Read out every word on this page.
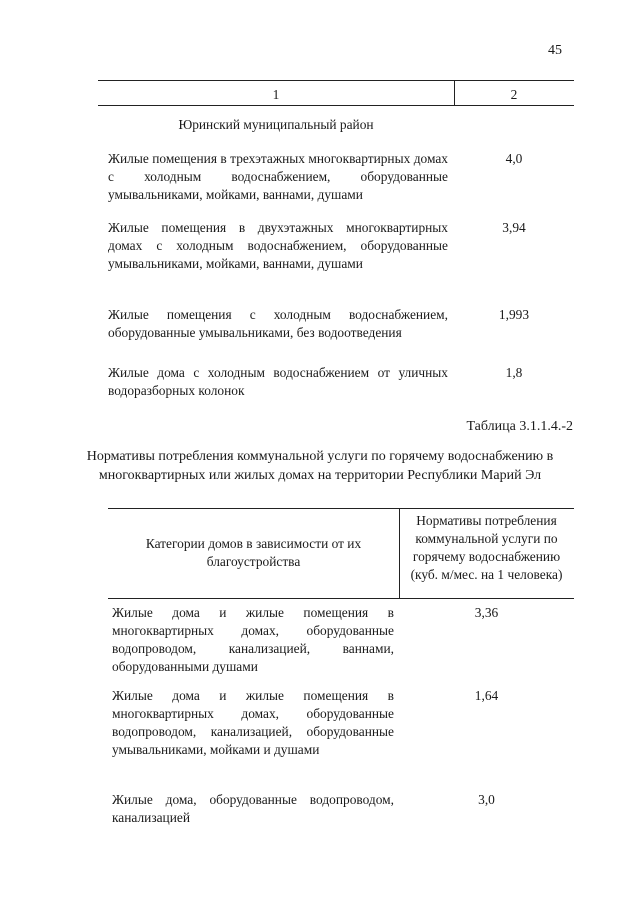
45
1	2
Юринский муниципальный район
Жилые помещения в трехэтажных многоквартирных домах с холодным водоснабжением, оборудованные умывальниками, мойками, ваннами, душами
4,0
Жилые помещения в двухэтажных многоквартирных домах с холодным водоснабжением, оборудованные умывальниками, мойками, ваннами, душами
3,94
Жилые помещения с холодным водоснабжением, оборудованные умывальниками, без водоотведения
1,993
Жилые дома с холодным водоснабжением от уличных водоразборных колонок
1,8
Таблица 3.1.1.4.-2
Нормативы потребления коммунальной услуги по горячему водоснабжению в многоквартирных или жилых домах на территории Республики Марий Эл
Категории домов в зависимости от их благоустройства
Нормативы потребления коммунальной услуги по горячему водоснабжению (куб. м/мес. на 1 человека)
Жилые дома и жилые помещения в многоквартирных домах, оборудованные водопроводом, канализацией, ваннами, оборудованными душами
3,36
Жилые дома и жилые помещения в многоквартирных домах, оборудованные водопроводом, канализацией, оборудованные умывальниками, мойками и душами
1,64
Жилые дома, оборудованные водопроводом, канализацией
3,0
